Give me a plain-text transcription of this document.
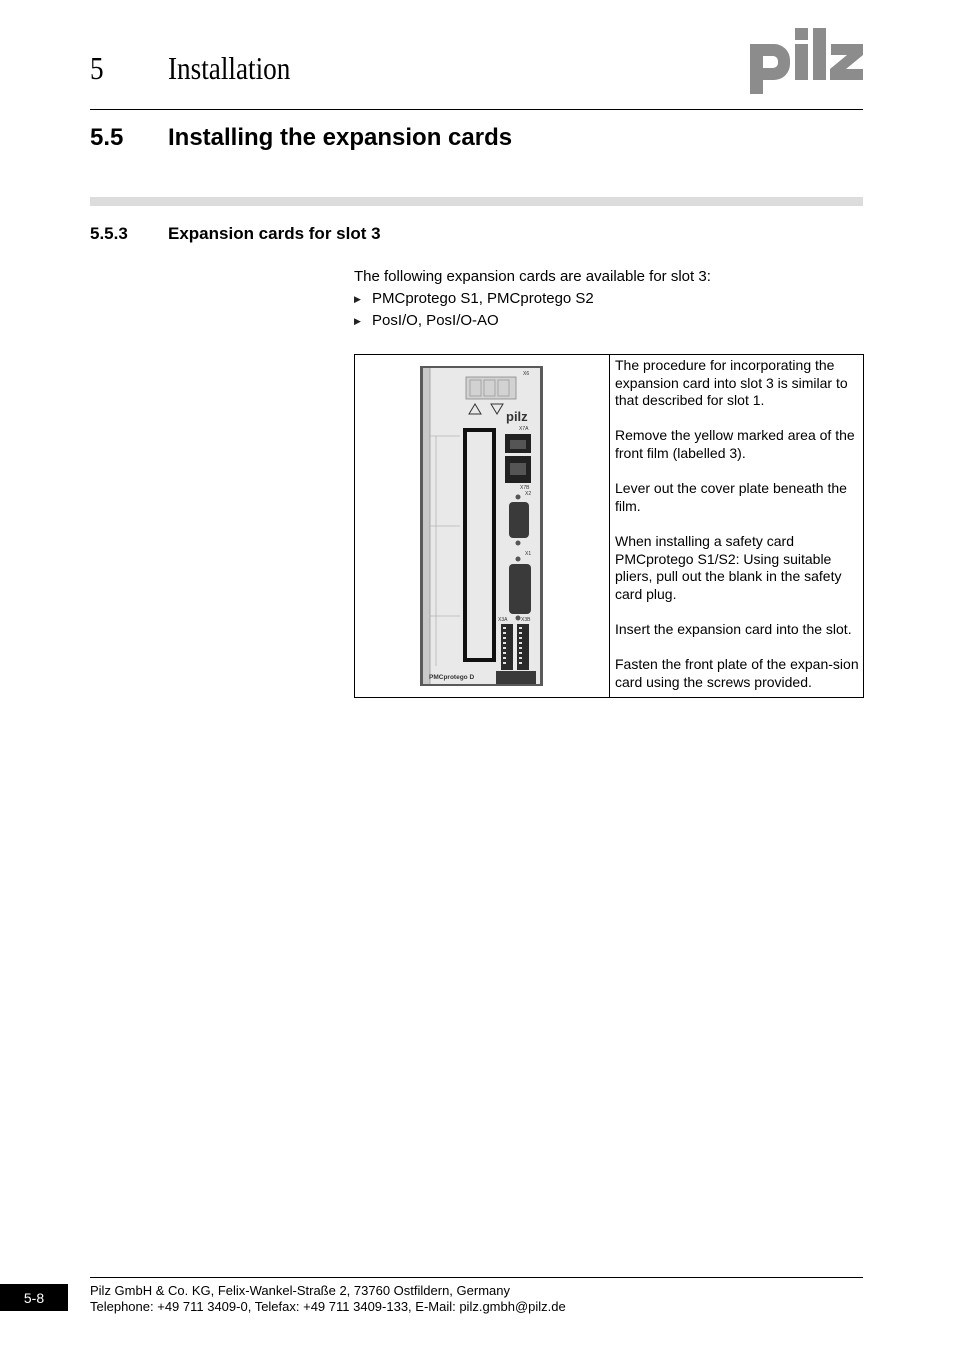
5 Installation
5.5 Installing the expansion cards
5.5.3 Expansion cards for slot 3
The following expansion cards are available for slot 3:
▶ PMCprotego S1, PMCprotego S2
▶ PosI/O, PosI/O-AO
X6
pilz
X7A
X7B
X2
X1
X3A	X3B
PMCprotego D

The procedure for incorporating the expansion card into slot 3 is similar to that described for slot 1.

Remove the yellow marked area of the front film (labelled 3).

Lever out the cover plate beneath the film.

When installing a safety card PMCprotego S1/S2: Using suitable pliers, pull out the blank in the safety card plug.

Insert the expansion card into the slot.

Fasten the front plate of the expan-sion card using the screws provided.

5-8	Pilz GmbH & Co. KG, Felix-Wankel-Straße 2, 73760 Ostfildern, Germany
Telephone: +49 711 3409-0, Telefax: +49 711 3409-133, E-Mail: pilz.gmbh@pilz.de
